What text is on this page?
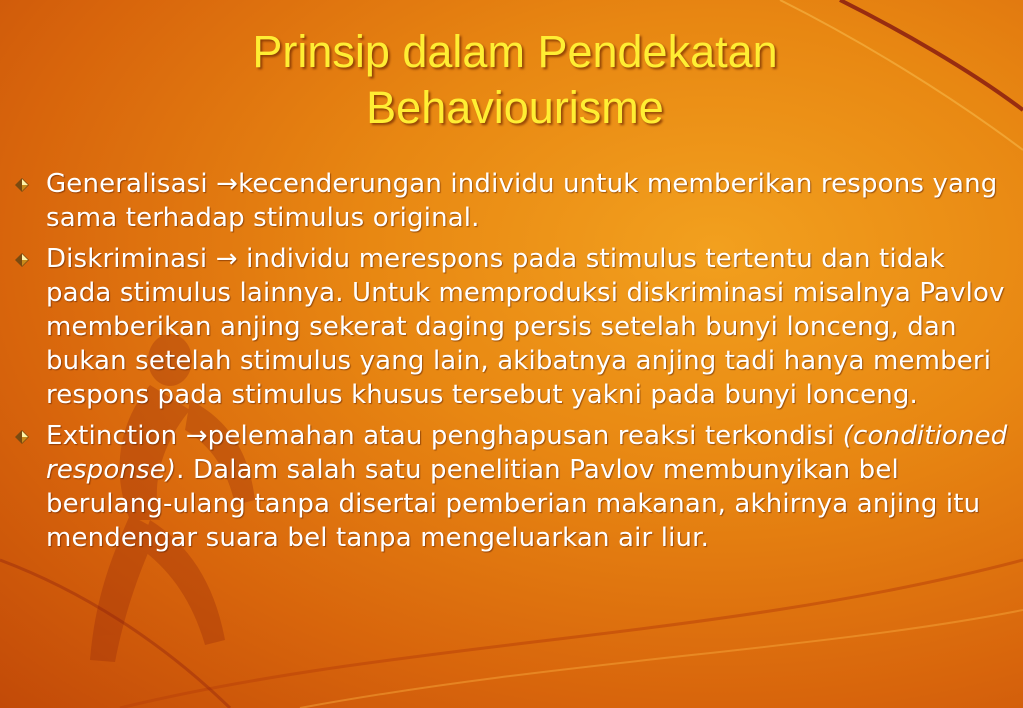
Prinsip dalam Pendekatan
Behaviourisme
Generalisasi →kecenderungan individu untuk memberikan respons yang sama terhadap stimulus original.
Diskriminasi → individu merespons pada stimulus tertentu dan tidak pada stimulus lainnya. Untuk memproduksi diskriminasi misalnya Pavlov memberikan anjing sekerat daging persis setelah bunyi lonceng, dan bukan setelah stimulus yang lain, akibatnya anjing tadi hanya memberi respons pada stimulus khusus tersebut yakni pada bunyi lonceng.
Extinction →pelemahan atau penghapusan reaksi terkondisi (conditioned response). Dalam salah satu penelitian Pavlov membunyikan bel berulang-ulang tanpa disertai pemberian makanan, akhirnya anjing itu mendengar suara bel tanpa mengeluarkan air liur.
